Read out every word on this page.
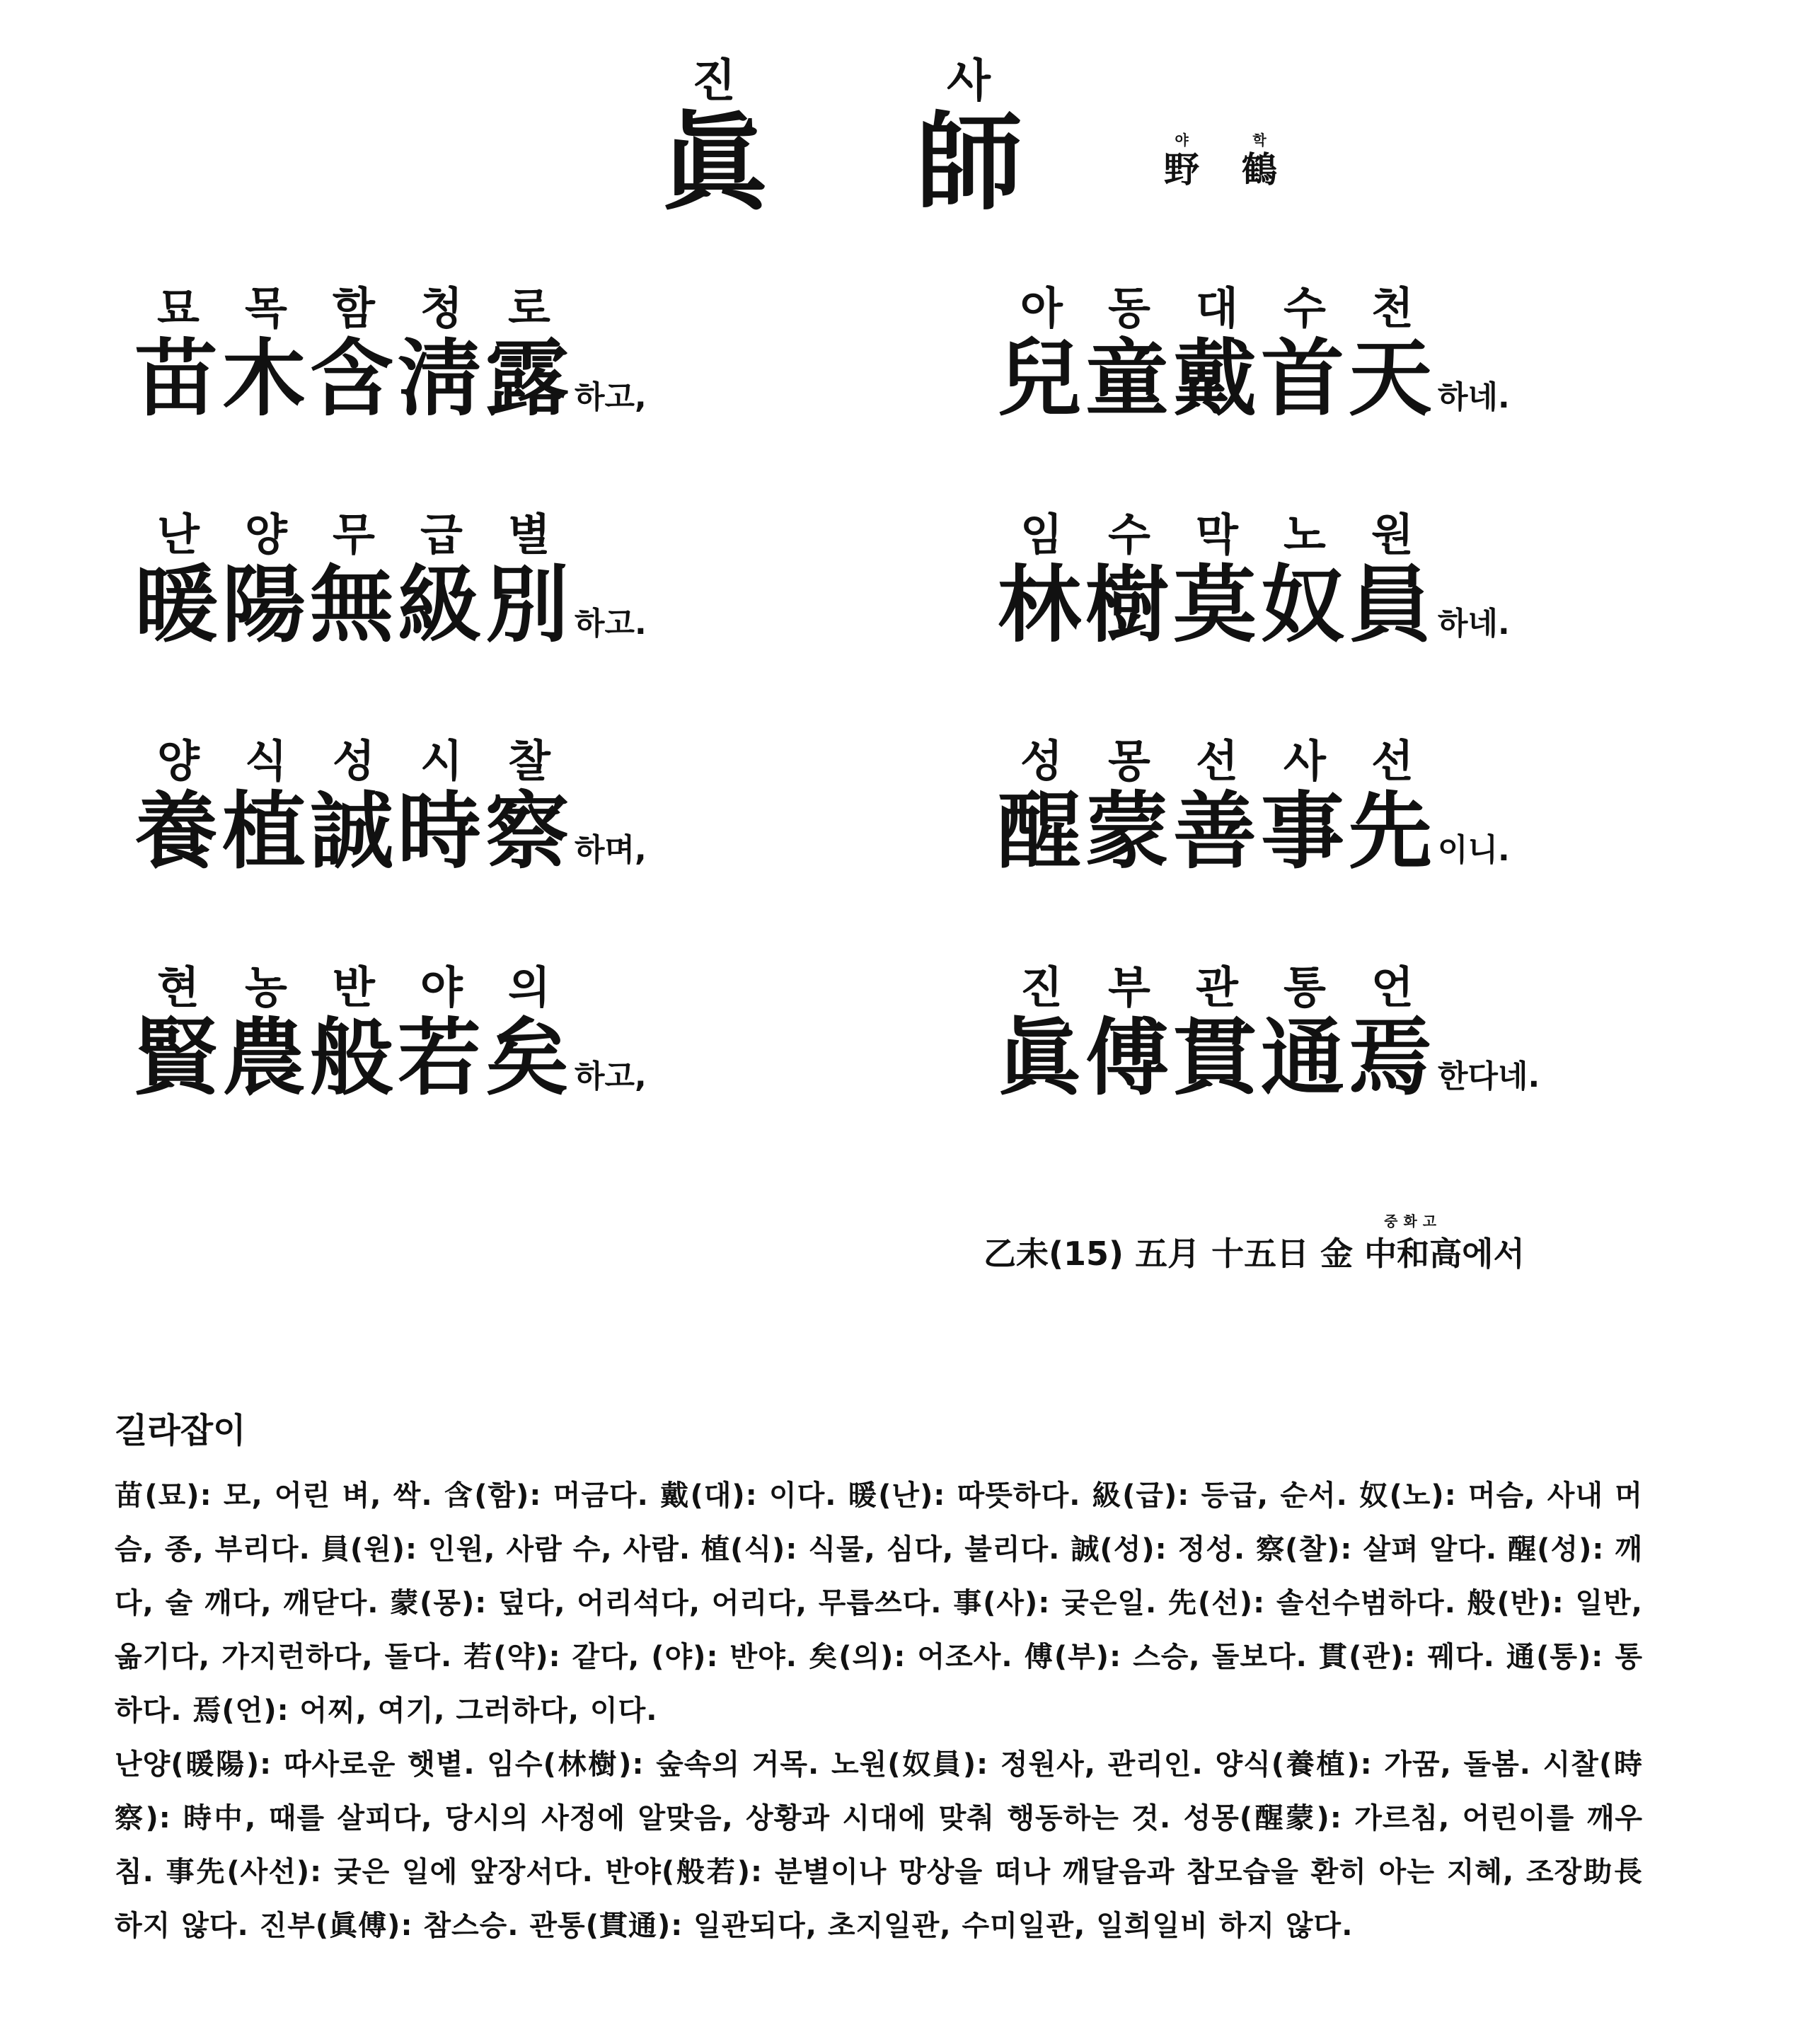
진
眞
사
師	야
野
학
鶴
묘 목 함 청 로
苗木含淸露하고,
난 양 무 급 별
暖陽無級別하고.
양 식 성 시 찰
養植誠時察하며,
현 농 반 야 의
賢農般若矣하고,
아 동 대 수 천
兒童戴首天하네.
임 수 막 노 원
林樹莫奴員하네.
성 몽 선 사 선
醒蒙善事先이니.
진 부 관 통 언
眞傅貫通焉한다네.
乙未(15) 五月 十五日 金
중화고
中和高에서
길라잡이

苗(묘): 모, 어린 벼, 싹. 含(함): 머금다. 戴(대): 이다. 暖(난): 따뜻하다. 級(급): 등급, 순서. 奴(노): 머슴, 사내 머슴, 종, 부리다. 員(원): 인원, 사람 수, 사람. 植(식): 식물, 심다, 불리다. 誠(성): 정성. 察(찰): 살펴 알다. 醒(성): 깨다, 술 깨다, 깨닫다. 蒙(몽): 덮다, 어리석다, 어리다, 무릅쓰다. 事(사): 궂은일. 先(선): 솔선수범하다. 般(반): 일반, 옮기다, 가지런하다, 돌다. 若(약): 같다, (야): 반야. 矣(의): 어조사. 傅(부): 스승, 돌보다. 貫(관): 꿰다. 通(통): 통하다. 焉(언): 어찌, 여기, 그러하다, 이다.

난양(暖陽): 따사로운 햇볕. 임수(林樹): 숲속의 거목. 노원(奴員): 정원사, 관리인. 양식(養植): 가꿈, 돌봄. 시찰(時察): 時中, 때를 살피다, 당시의 사정에 알맞음, 상황과 시대에 맞춰 행동하는 것. 성몽(醒蒙): 가르침, 어린이를 깨우침. 事先(사선): 궂은 일에 앞장서다. 반야(般若): 분별이나 망상을 떠나 깨달음과 참모습을 환히 아는 지혜, 조장助長하지 않다. 진부(眞傅): 참스승. 관통(貫通): 일관되다, 초지일관, 수미일관, 일희일비 하지 않다.
